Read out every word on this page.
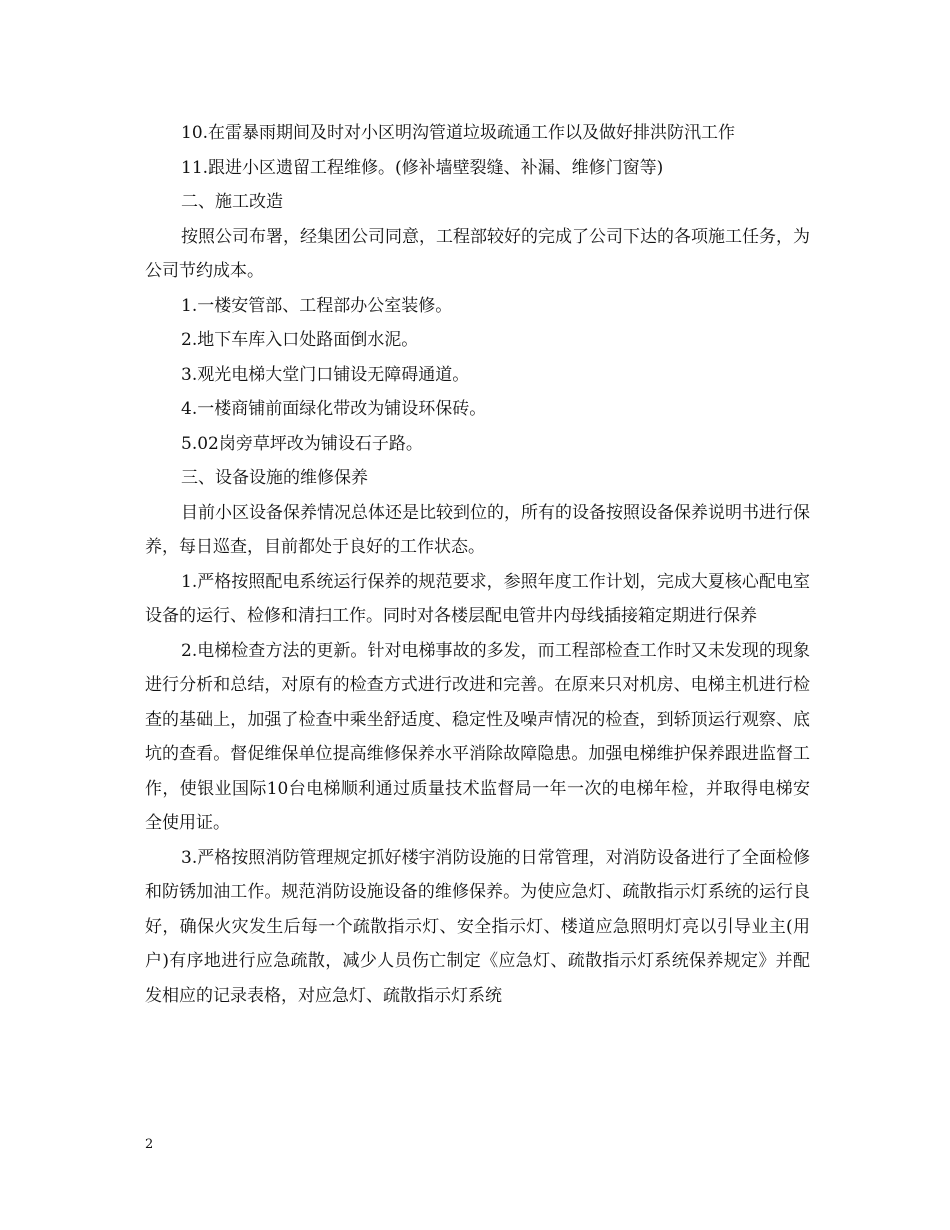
10.在雷暴雨期间及时对小区明沟管道垃圾疏通工作以及做好排洪防汛工作

11.跟进小区遗留工程维修。(修补墙壁裂缝、补漏、维修门窗等)

二、施工改造

按照公司布署，经集团公司同意，工程部较好的完成了公司下达的各项施工任务，为公司节约成本。

1.一楼安管部、工程部办公室装修。

2.地下车库入口处路面倒水泥。

3.观光电梯大堂门口铺设无障碍通道。

4.一楼商铺前面绿化带改为铺设环保砖。

5.02岗旁草坪改为铺设石子路。

三、设备设施的维修保养

目前小区设备保养情况总体还是比较到位的，所有的设备按照设备保养说明书进行保养，每日巡查，目前都处于良好的工作状态。

1.严格按照配电系统运行保养的规范要求，参照年度工作计划，完成大夏核心配电室设备的运行、检修和清扫工作。同时对各楼层配电管井内母线插接箱定期进行保养

2.电梯检查方法的更新。针对电梯事故的多发，而工程部检查工作时又未发现的现象进行分析和总结，对原有的检查方式进行改进和完善。在原来只对机房、电梯主机进行检查的基础上，加强了检查中乘坐舒适度、稳定性及噪声情况的检查，到轿顶运行观察、底坑的查看。督促维保单位提高维修保养水平消除故障隐患。加强电梯维护保养跟进监督工作，使银业国际10台电梯顺利通过质量技术监督局一年一次的电梯年检，并取得电梯安全使用证。

3.严格按照消防管理规定抓好楼宇消防设施的日常管理，对消防设备进行了全面检修和防锈加油工作。规范消防设施设备的维修保养。为使应急灯、疏散指示灯系统的运行良好，确保火灾发生后每一个疏散指示灯、安全指示灯、楼道应急照明灯亮以引导业主(用户)有序地进行应急疏散，减少人员伤亡制定《应急灯、疏散指示灯系统保养规定》并配发相应的记录表格，对应急灯、疏散指示灯系统

2
